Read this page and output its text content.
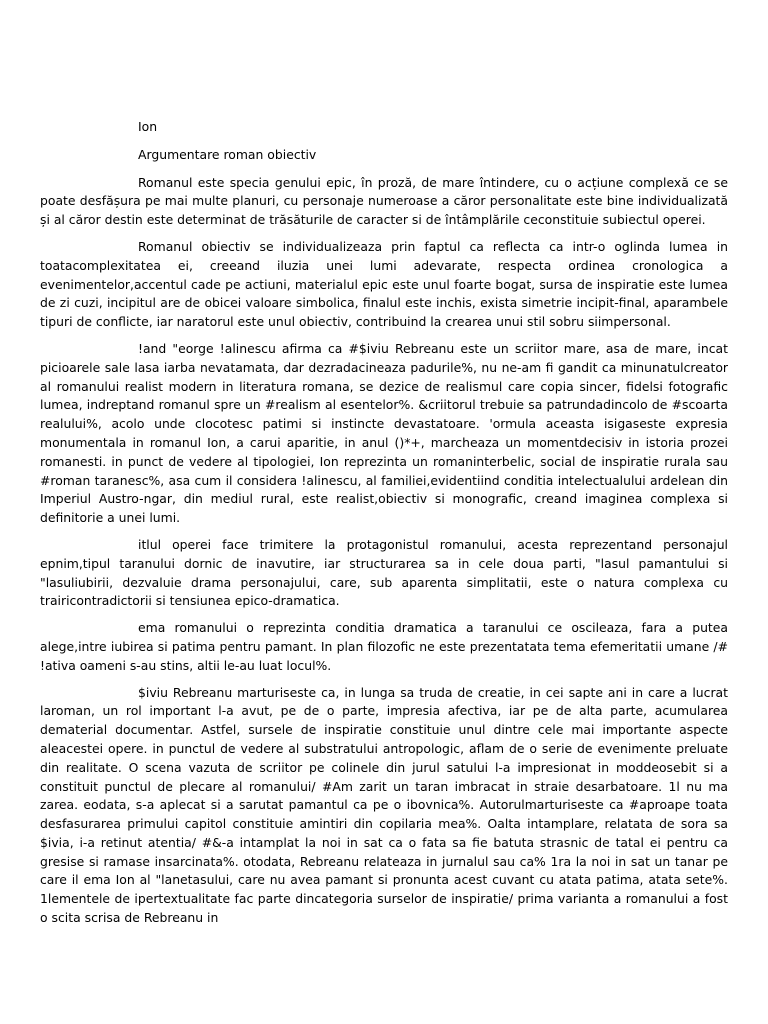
Ion

Argumentare roman obiectiv

Romanul este specia genului epic, în proză, de mare întindere, cu o acțiune complexă ce se poate desfășura pe mai multe planuri, cu personaje numeroase a căror personalitate este bine individualizată și al căror destin este determinat de trăsăturile de caracter si de întâmplările ceconstituie subiectul operei.

Romanul obiectiv se individualizeaza prin faptul ca reflecta ca intr-o oglinda lumea in toatacomplexitatea ei, creeand iluzia unei lumi adevarate, respecta ordinea cronologica a evenimentelor,accentul cade pe actiuni, materialul epic este unul foarte bogat, sursa de inspiratie este lumea de zi cuzi, incipitul are de obicei valoare simbolica, finalul este inchis, exista simetrie incipit-final, aparambele tipuri de conflicte, iar naratorul este unul obiectiv, contribuind la crearea unui stil sobru siimpersonal.

!and "eorge !alinescu afirma ca #$iviu Rebreanu este un scriitor mare, asa de mare, incat picioarele sale lasa iarba nevatamata, dar dezradacineaza padurile%, nu ne-am fi gandit ca minunatulcreator al romanului realist modern in literatura romana, se dezice de realismul care copia sincer, fidelsi fotografic lumea, indreptand romanul spre un #realism al esentelor%. &criitorul trebuie sa patrundadincolo de #scoarta realului%, acolo unde clocotesc patimi si instincte devastatoare. 'ormula aceasta isigaseste expresia monumentala in romanul Ion, a carui aparitie, in anul ()*+, marc⁠heaza un momentdecisiv in istoria prozei romanesti. ⁠in punct de vedere al tipologiei, Ion reprezinta un romaninterbelic, social de inspiratie rurala sau #roman taranesc%, asa cum il considera !alinescu, al familiei,evidentiind conditia intelectualului ardelean din Imperiul Austro-⁠ngar, din mediul rural, este realist,obiectiv si monografic, creand imaginea complexa si definitorie a unei lumi.

⁠itlul operei face trimitere la protagonistul romanului, acesta reprezentand personajul epnim,tipul taranului dornic de inavutire, iar structurarea sa in cele doua parti, "lasul pamantului si "lasuliubirii, dezvaluie drama personajului, care, sub aparenta simplitatii, este o natura complexa cu trairicontradictorii si tensiunea epico-dramatica.

⁠ema romanului o reprezinta conditia dramatica a taranului ce oscileaza, fara a putea alege,intre iubirea si patima pentru pamant. In plan filozofic ne este prezentatata tema efemeritatii umane /# !ativa oameni s-au stins, altii le-au luat locul%.

$iviu Rebreanu marturiseste ca, in lunga sa truda de creatie, in cei sapte ani in care a lucrat laroman, un rol important l-a avut, pe de o parte, impresia afectiva, iar pe de alta parte, acumularea dematerial documentar. Astfel, sursele de inspiratie constituie unul dintre cele mai importante aspecte aleacestei opere. ⁠in punctul de vedere al substratului antropologic, aflam de o serie de evenimente preluate din realitate. O scena vazuta de scriitor pe colinele din jurul satului l-a impresionat in moddeosebit si a constituit punctul de plecare al romanului/ #Am zarit un taran imbracat in straie desarbatoare. 1l nu ma zarea. ⁠eodata, s-a aplecat si a sarutat pamantul ca pe o ibovnica%. Autorulmarturiseste ca #aproape toata desfasurarea primului capitol constituie amintiri din copilaria mea%. Oalta intamplare, relatata de sora sa $ivia, i-a retinut atentia/ #&-a intamplat la noi in sat ca o fata sa fie batuta strasnic de tatal ei pentru ca gresise si ramase insarcinata%. ⁠otodata, Rebreanu relateaza in jurnalul sau ca% 1ra la noi in sat un tanar pe care il ⁠ema Ion al "lanetasului, care nu avea pamant si pronunta acest cuvant cu atata patima, atata sete%. 1lementele de ⁠ipertextualitate fac parte dincategoria surselor de inspiratie/ prima varianta a romanului a fost o sc⁠ita scrisa de Rebreanu in
